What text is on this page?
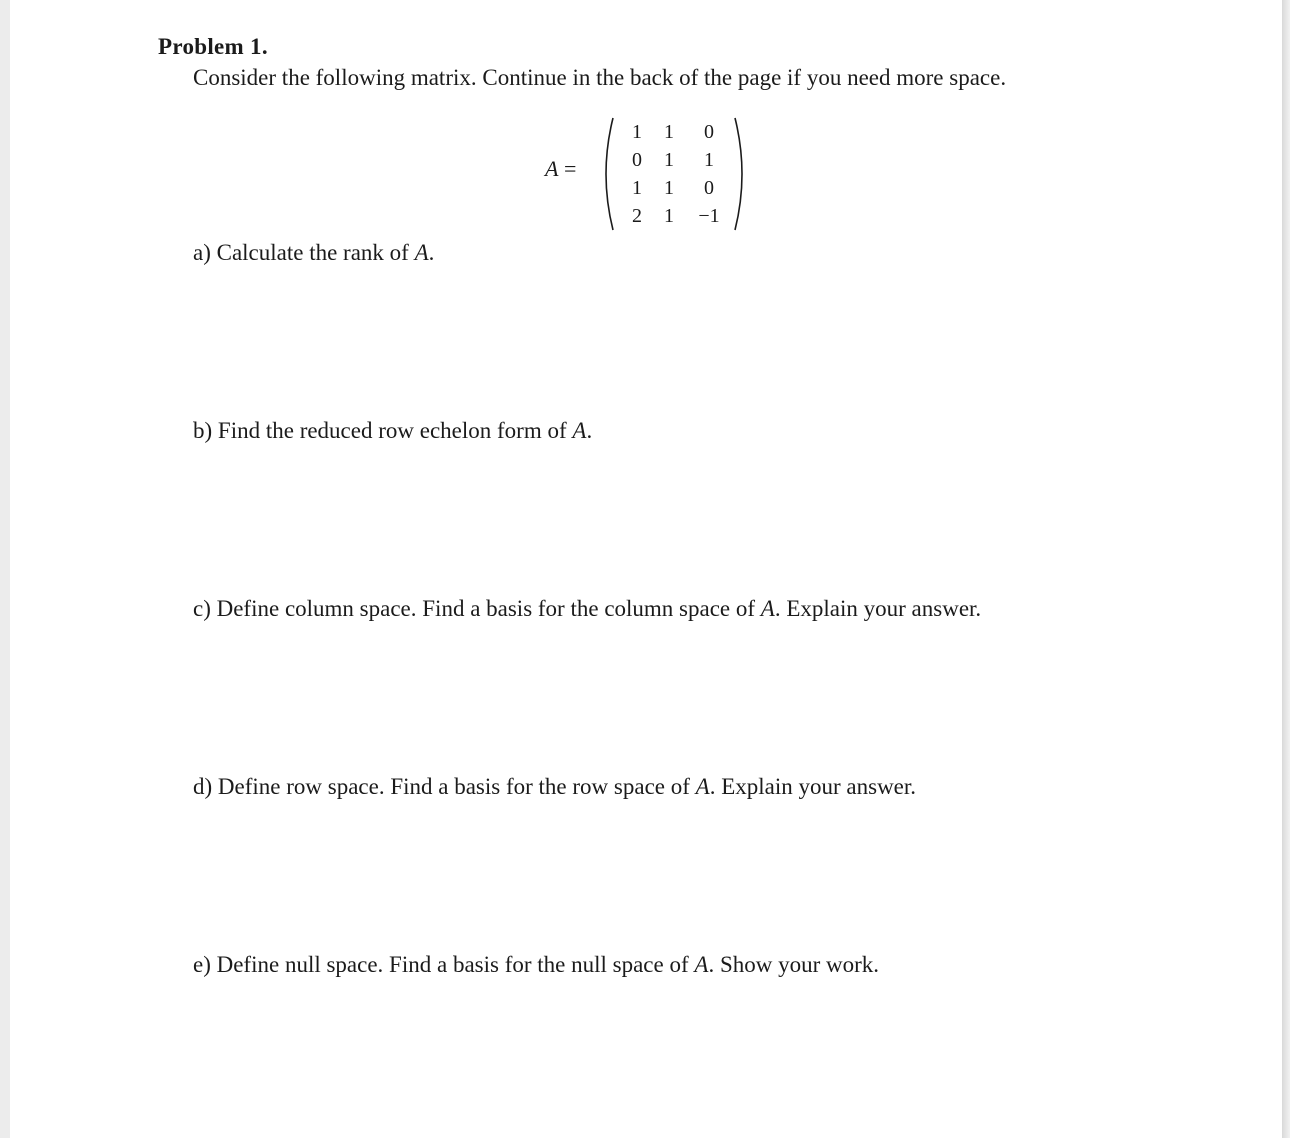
Problem 1.
Consider the following matrix. Continue in the back of the page if you need more space.
A =
1	1	0
0	1	1
1	1	0
2	1	−1
a) Calculate the rank of A.
b) Find the reduced row echelon form of A.
c) Define column space. Find a basis for the column space of A. Explain your answer.
d) Define row space. Find a basis for the row space of A. Explain your answer.
e) Define null space. Find a basis for the null space of A. Show your work.
